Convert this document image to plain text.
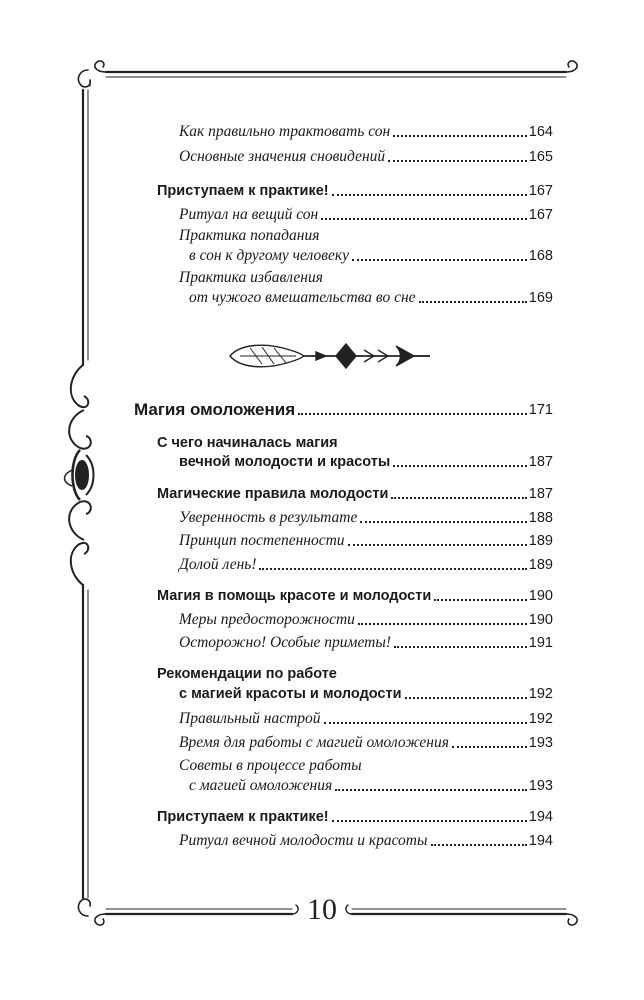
Как правильно трактовать сон	164
Основные значения сновидений	165
Приступаем к практике!	167
Ритуал на вещий сон	167
Практика попадания
в сон к другому человеку	168
Практика избавления
от чужого вмешательства во сне	169
Магия омоложения	171
С чего начиналась магия
вечной молодости и красоты	187
Магические правила молодости	187
Уверенность в результате	188
Принцип постепенности	189
Долой лень!	189
Магия в помощь красоте и молодости	190
Меры предосторожности	190
Осторожно! Особые приметы!	191
Рекомендации по работе
с магией красоты и молодости	192
Правильный настрой	192
Время для работы с магией омоложения	193
Советы в процессе работы
с магией омоложения	193
Приступаем к практике!	194
Ритуал вечной молодости и красоты	194
10
